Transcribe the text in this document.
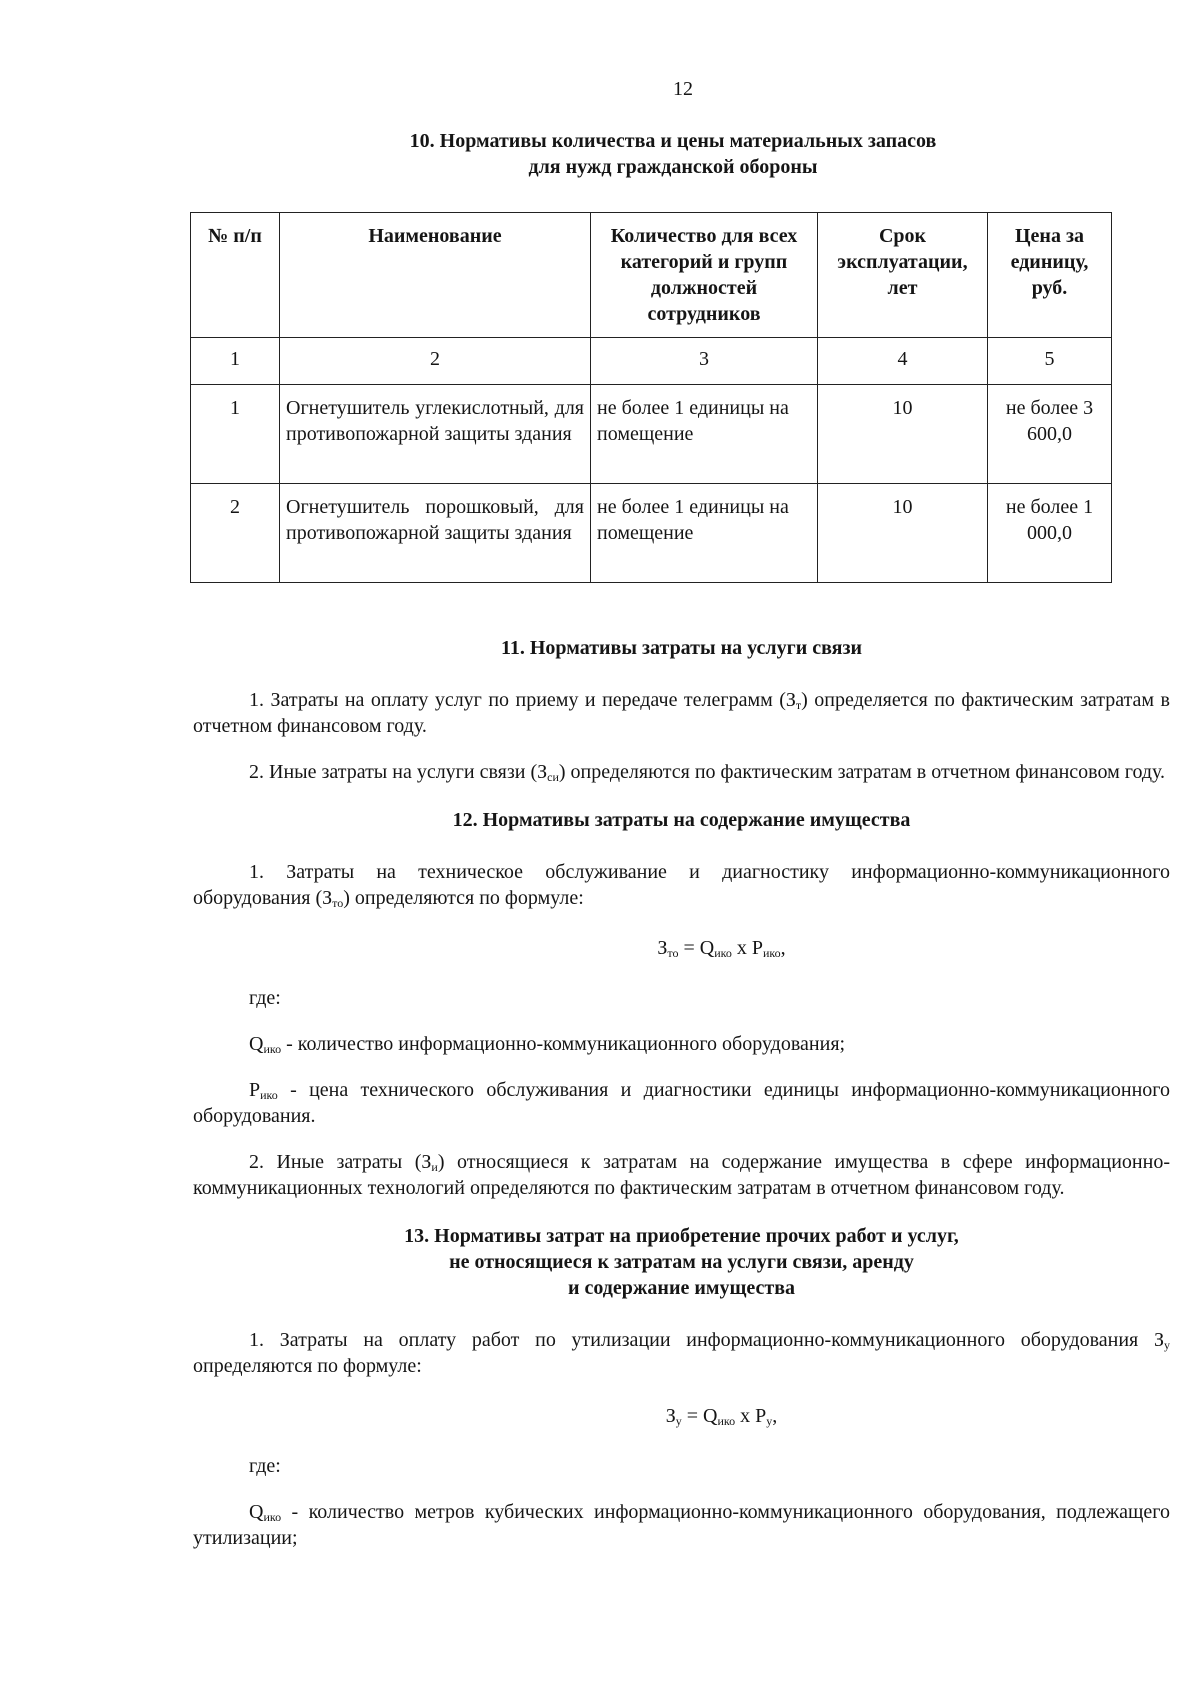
12
10. Нормативы количества и цены материальных запасов
для нужд гражданской обороны
№ п/п	Наименование	Количество для всех категорий и групп должностей сотрудников	Срок эксплуатации, лет	Цена за единицу, руб.
1	2	3	4	5
1	Огнетушитель углекислотный, для противопожарной защиты здания	не более 1 единицы на помещение	10	не более 3 600,0
2	Огнетушитель порошковый, для противопожарной защиты здания	не более 1 единицы на помещение	10	не более 1 000,0
11. Нормативы затраты на услуги связи

1. Затраты на оплату услуг по приему и передаче телеграмм $(З_т)$ определяется по фактическим затратам в отчетном финансовом году.

2. Иные затраты на услуги связи $(З_{си})$ определяются по фактическим затратам в отчетном финансовом году.

12. Нормативы затраты на содержание имущества

1. Затраты на техническое обслуживание и диагностику информационно-коммуникационного оборудования $(З_{то})$ определяются по формуле:

$З_{то} = Q_{ико}$ х $Р_{ико}$,

где:

$Q_{ико}$ - количество информационно-коммуникационного оборудования;

$Р_{ико}$ - цена технического обслуживания и диагностики единицы информационно-коммуникационного оборудования.

2. Иные затраты $(З_и)$ относящиеся к затратам на содержание имущества в сфере информационно-коммуникационных технологий определяются по фактическим затратам в отчетном финансовом году.

13. Нормативы затрат на приобретение прочих работ и услуг,
не относящиеся к затратам на услуги связи, аренду
и содержание имущества

1. Затраты на оплату работ по утилизации информационно-коммуникационного оборудования $З_у$ определяются по формуле:

$З_у = Q_{ико}$ х $Р_у$,

где:

$Q_{ико}$ - количество метров кубических информационно-коммуникационного оборудования, подлежащего утилизации;
